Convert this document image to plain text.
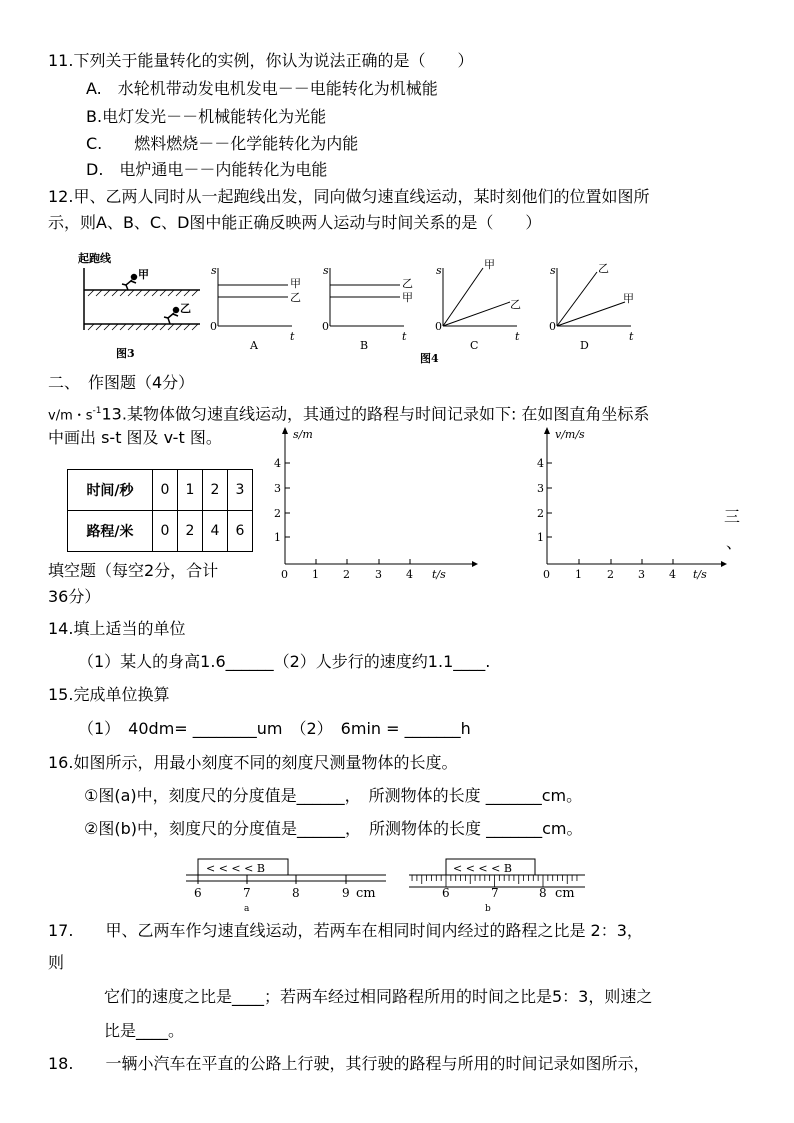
11.下列关于能量转化的实例，你认为说法正确的是（　　）
A.　水轮机带动发电机发电－－电能转化为机械能
B.电灯发光－－机械能转化为光能
C.　　燃料燃烧－－化学能转化为内能
D.　电炉通电－－内能转化为电能
12.甲、乙两人同时从一起跑线出发，同向做匀速直线运动，某时刻他们的位置如图所
示，则A、B、C、D图中能正确反映两人运动与时间关系的是（　　）
起跑线
甲
乙
图3
s
0
t
甲
乙
A
s
0
t
乙
甲
B
图4
s
0
t
甲
乙
C
s
0
t
乙
甲
D
二、　作图题（4分）
v/m・$s^{-1}13$.某物体做匀速直线运动，其通过的路程与时间记录如下: 在如图直角坐标系
中画出 s-t 图及 v-t 图。
时间/秒	0	1	2	3
路程/米	0	2	4	6
s/m
1
2
3
4
0 1 2 3 4 t/s
v/m/s
1
2
3
4
0 1 2 3 4 t/s
三
、
填空题（每空2分，合计
36分）
14.填上适当的单位
（1）某人的身高1.6______（2）人步行的速度约1.1____.
15.完成单位换算
（1）　40dm= ________um　（2）　6min = _______h
16.如图所示，用最小刻度不同的刻度尺测量物体的长度。
①图(a)中，刻度尺的分度值是______，　所测物体的长度 _______cm。
②图(b)中，刻度尺的分度值是______，　所测物体的长度 _______cm。
< < < < B
6	7	8	9 cm
a
< < < < B
6	7	8 cm
b
17.　　甲、乙两车作匀速直线运动，若两车在相同时间内经过的路程之比是 2：3，
则
它们的速度之比是____；若两车经过相同路程所用的时间之比是5：3，则速之
比是____。
18.　　一辆小汽车在平直的公路上行驶，其行驶的路程与所用的时间记录如图所示，
